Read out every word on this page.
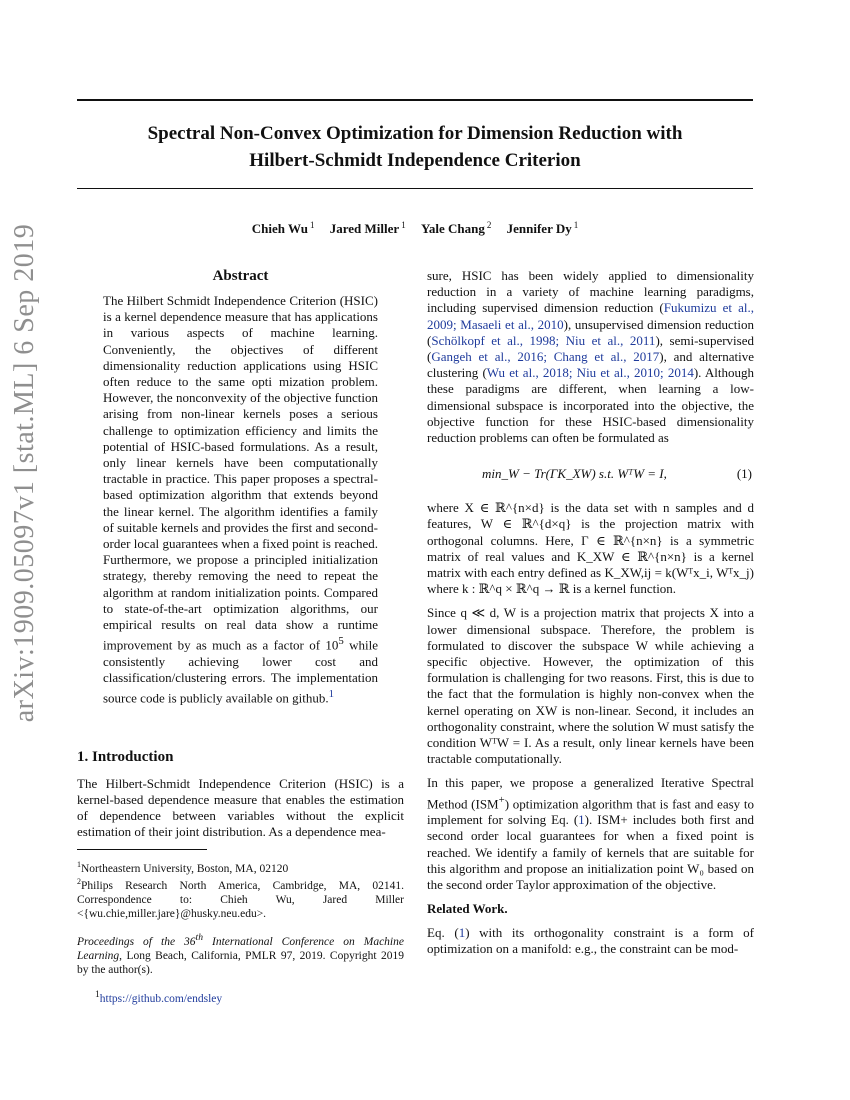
Spectral Non-Convex Optimization for Dimension Reduction with
Hilbert-Schmidt Independence Criterion

Chieh Wu $^1$ Jared Miller $^1$ Yale Chang $^2$ Jennifer Dy $^1$

arXiv:1909.05097v1 [stat.ML] 6 Sep 2019	Abstract

The Hilbert Schmidt Independence Criterion (HSIC) is a kernel dependence measure that has applications in various aspects of machine learning. Conveniently, the objectives of different dimensionality reduction applications using HSIC often reduce to the same opti mization problem. However, the nonconvexity of the objective function arising from non-linear kernels poses a serious challenge to optimization efficiency and limits the potential of HSIC-based formulations. As a result, only linear kernels have been computationally tractable in practice. This paper proposes a spectral-based optimization algorithm that extends beyond the linear kernel. The algorithm identifies a family of suitable kernels and provides the first and second-order local guarantees when a fixed point is reached. Furthermore, we propose a principled initialization strategy, thereby removing the need to repeat the algorithm at random initialization points. Compared to state-of-the-art optimization algorithms, our empirical results on real data show a runtime improvement by as much as a factor of $10^5$ while consistently achieving lower cost and classification/clustering errors. The implementation source code is publicly available on github.$^1$

1. Introduction

The Hilbert-Schmidt Independence Criterion (HSIC) is a kernel-based dependence measure that enables the estimation of dependence between variables without the explicit estimation of their joint distribution. As a dependence mea-

$^1$Northeastern University, Boston, MA, 02120

$^2$Philips Research North America, Cambridge, MA, 02141. Correspondence to: Chieh Wu, Jared Miller <{wu.chie,miller.jare}@husky.neu.edu>.

Proceedings of the 36th International Conference on Machine Learning, Long Beach, California, PMLR 97, 2019. Copyright 2019 by the author(s).

$^1$https://github.com/endsley

sure, HSIC has been widely applied to dimensionality reduction in a variety of machine learning paradigms, including supervised dimension reduction (Fukumizu et al., 2009; Masaeli et al., 2010), unsupervised dimension reduction (Schölkopf et al., 1998; Niu et al., 2011), semi-supervised (Gangeh et al., 2016; Chang et al., 2017), and alternative clustering (Wu et al., 2018; Niu et al., 2010; 2014). Although these paradigms are different, when learning a low-dimensional subspace is incorporated into the objective, the objective function for these HSIC-based dimensionality reduction problems can often be formulated as

min_W − Tr(ΓK_XW) s.t. WᵀW = I,	(1)

where X ∈ ℝ^{n×d} is the data set with n samples and d features, W ∈ ℝ^{d×q} is the projection matrix with orthogonal columns. Here, Γ ∈ ℝ^{n×n} is a symmetric matrix of real values and K_XW ∈ ℝ^{n×n} is a kernel matrix with each entry defined as K_XW,ij = k(Wᵀx_i, Wᵀx_j) where k : ℝ^q × ℝ^q → ℝ is a kernel function.

Since q ≪ d, W is a projection matrix that projects X into a lower dimensional subspace. Therefore, the problem is formulated to discover the subspace W while achieving a specific objective. However, the optimization of this formulation is challenging for two reasons. First, this is due to the fact that the formulation is highly non-convex when the kernel operating on XW is non-linear. Second, it includes an orthogonality constraint, where the solution W must satisfy the condition WᵀW = I. As a result, only linear kernels have been tractable computationally.

In this paper, we propose a generalized Iterative Spectral Method (ISM+) optimization algorithm that is fast and easy to implement for solving Eq. (1). ISM+ includes both first and second order local guarantees for when a fixed point is reached. We identify a family of kernels that are suitable for this algorithm and propose an initialization point W₀ based on the second order Taylor approximation of the objective.

Related Work.

Eq. (1) with its orthogonality constraint is a form of optimization on a manifold: e.g., the constraint can be mod-
